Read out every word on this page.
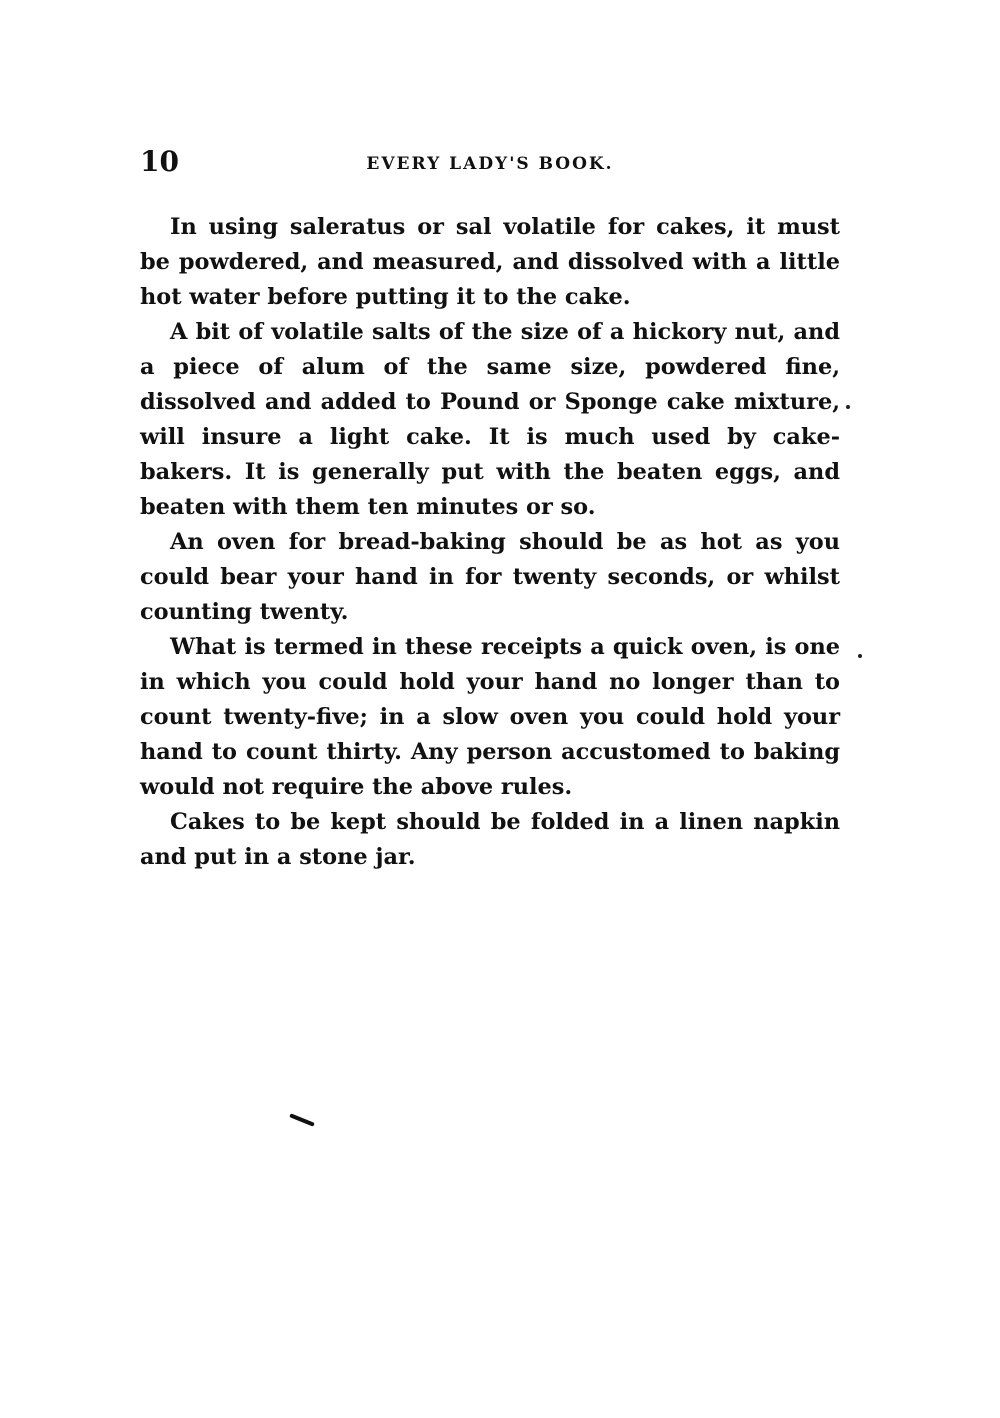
10	EVERY LADY'S BOOK.

In using saleratus or sal volatile for cakes, it must be powdered, and measured, and dissolved with a little hot water before putting it to the cake.

A bit of volatile salts of the size of a hickory nut, and a piece of alum of the same size, powdered fine, dissolved and added to Pound or Sponge cake mixture, will insure a light cake. It is much used by cake-bakers. It is generally put with the beaten eggs, and beaten with them ten minutes or so.

An oven for bread-baking should be as hot as you could bear your hand in for twenty seconds, or whilst counting twenty.

What is termed in these receipts a quick oven, is one in which you could hold your hand no longer than to count twenty-five; in a slow oven you could hold your hand to count thirty. Any person accustomed to baking would not require the above rules.

Cakes to be kept should be folded in a linen napkin and put in a stone jar.
